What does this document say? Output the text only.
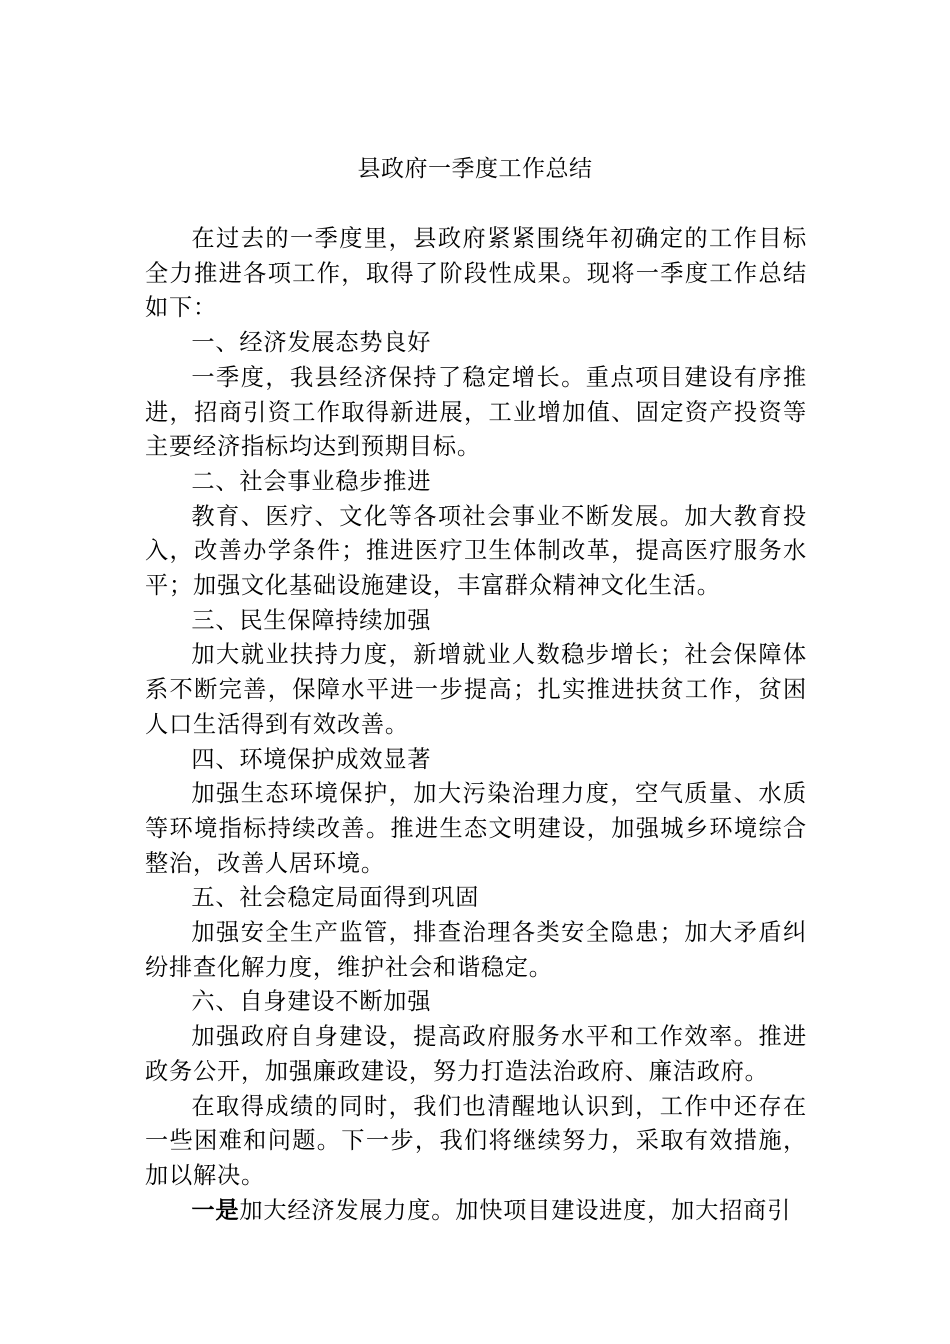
县政府一季度工作总结

在过去的一季度里，县政府紧紧围绕年初确定的工作目标全力推进各项工作，取得了阶段性成果。现将一季度工作总结如下：

一、经济发展态势良好

一季度，我县经济保持了稳定增长。重点项目建设有序推进，招商引资工作取得新进展，工业增加值、固定资产投资等主要经济指标均达到预期目标。

二、社会事业稳步推进

教育、医疗、文化等各项社会事业不断发展。加大教育投入，改善办学条件；推进医疗卫生体制改革，提高医疗服务水平；加强文化基础设施建设，丰富群众精神文化生活。

三、民生保障持续加强

加大就业扶持力度，新增就业人数稳步增长；社会保障体系不断完善，保障水平进一步提高；扎实推进扶贫工作，贫困人口生活得到有效改善。

四、环境保护成效显著

加强生态环境保护，加大污染治理力度，空气质量、水质等环境指标持续改善。推进生态文明建设，加强城乡环境综合整治，改善人居环境。

五、社会稳定局面得到巩固

加强安全生产监管，排查治理各类安全隐患；加大矛盾纠纷排查化解力度，维护社会和谐稳定。

六、自身建设不断加强

加强政府自身建设，提高政府服务水平和工作效率。推进政务公开，加强廉政建设，努力打造法治政府、廉洁政府。

在取得成绩的同时，我们也清醒地认识到，工作中还存在一些困难和问题。下一步，我们将继续努力，采取有效措施，加以解决。

一是加大经济发展力度。加快项目建设进度，加大招商引
